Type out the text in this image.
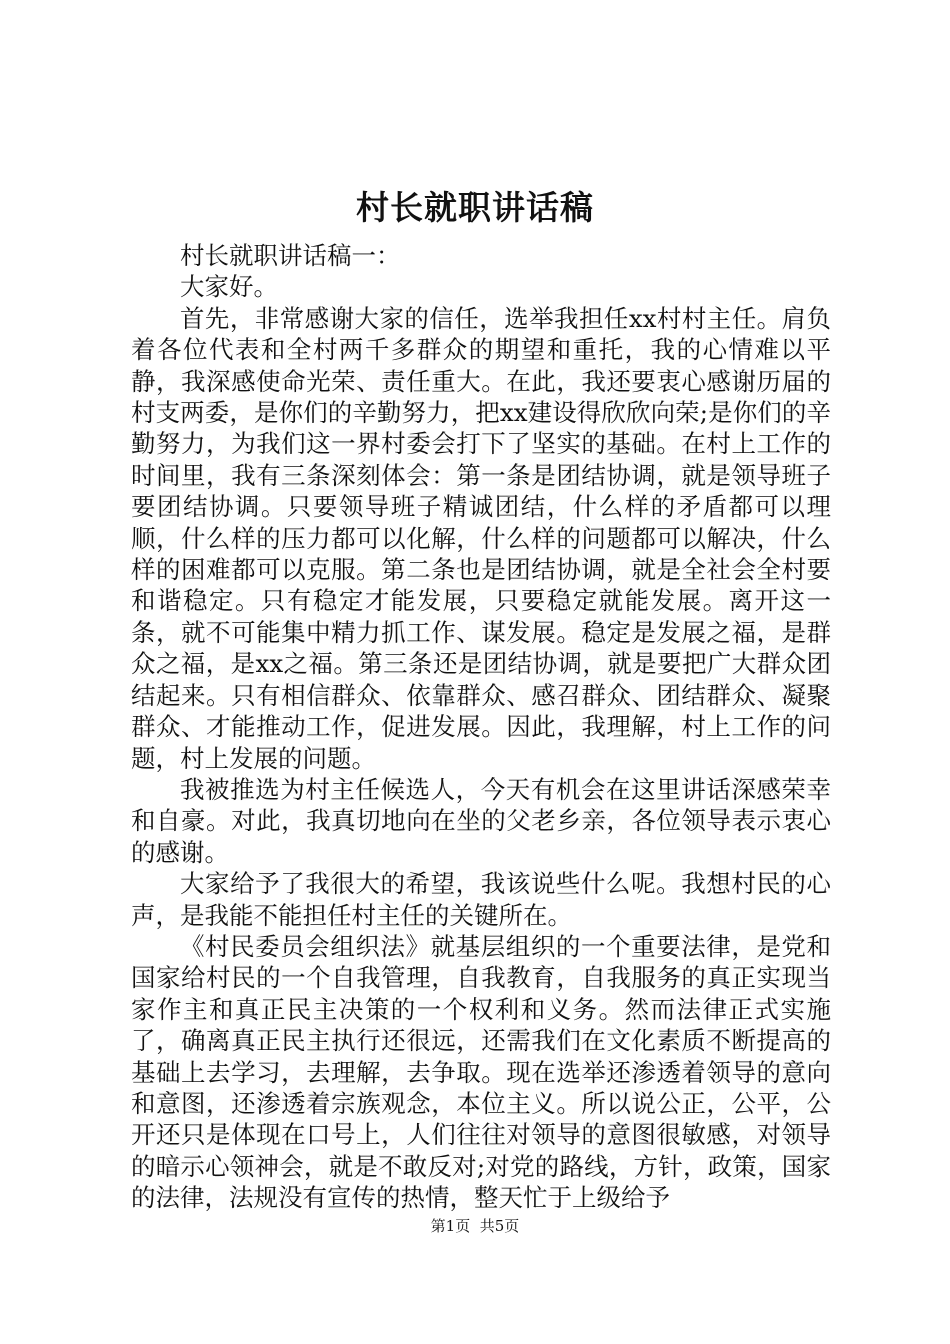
村长就职讲话稿

村长就职讲话稿一：

大家好。

首先，非常感谢大家的信任，选举我担任xx村村主任。肩负着各位代表和全村两千多群众的期望和重托，我的心情难以平静，我深感使命光荣、责任重大。在此，我还要衷心感谢历届的村支两委，是你们的辛勤努力，把xx建设得欣欣向荣;是你们的辛勤努力，为我们这一界村委会打下了坚实的基础。在村上工作的时间里，我有三条深刻体会：第一条是团结协调，就是领导班子要团结协调。只要领导班子精诚团结，什么样的矛盾都可以理顺，什么样的压力都可以化解，什么样的问题都可以解决，什么样的困难都可以克服。第二条也是团结协调，就是全社会全村要和谐稳定。只有稳定才能发展，只要稳定就能发展。离开这一条，就不可能集中精力抓工作、谋发展。稳定是发展之福，是群众之福，是xx之福。第三条还是团结协调，就是要把广大群众团结起来。只有相信群众、依靠群众、感召群众、团结群众、凝聚群众、才能推动工作，促进发展。因此，我理解，村上工作的问题，村上发展的问题。

我被推选为村主任候选人，今天有机会在这里讲话深感荣幸和自豪。对此，我真切地向在坐的父老乡亲，各位领导表示衷心的感谢。

大家给予了我很大的希望，我该说些什么呢。我想村民的心声，是我能不能担任村主任的关键所在。

《村民委员会组织法》就基层组织的一个重要法律，是党和国家给村民的一个自我管理，自我教育，自我服务的真正实现当家作主和真正民主决策的一个权利和义务。然而法律正式实施了，确离真正民主执行还很远，还需我们在文化素质不断提高的基础上去学习，去理解，去争取。现在选举还渗透着领导的意向和意图，还渗透着宗族观念，本位主义。所以说公正，公平，公开还只是体现在口号上，人们往往对领导的意图很敏感，对领导的暗示心领神会，就是不敢反对;对党的路线，方针，政策，国家的法律，法规没有宣传的热情，整天忙于上级给予

第1页 共5页
